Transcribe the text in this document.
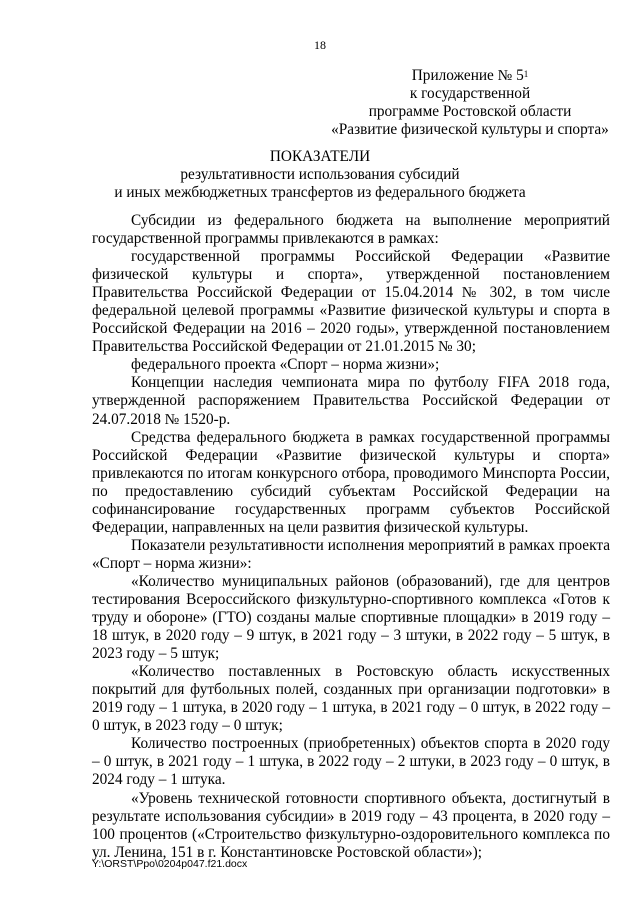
18
Приложение № $5^1$
к государственной
программе Ростовской области
«Развитие физической культуры и спорта»
ПОКАЗАТЕЛИ
результативности использования субсидий
и иных межбюджетных трансфертов из федерального бюджета

Субсидии из федерального бюджета на выполнение мероприятий государственной программы привлекаются в рамках:

государственной программы Российской Федерации «Развитие физической культуры и спорта», утвержденной постановлением Правительства Российской Федерации от 15.04.2014 № 302, в том числе федеральной целевой программы «Развитие физической культуры и спорта в Российской Федерации на 2016 – 2020 годы», утвержденной постановлением Правительства Российской Федерации от 21.01.2015 № 30;

федерального проекта «Спорт – норма жизни»;

Концепции наследия чемпионата мира по футболу FIFA 2018 года, утвержденной распоряжением Правительства Российской Федерации от 24.07.2018 № 1520-р.

Средства федерального бюджета в рамках государственной программы Российской Федерации «Развитие физической культуры и спорта» привлекаются по итогам конкурсного отбора, проводимого Минспорта России, по предоставлению субсидий субъектам Российской Федерации на софинансирование государственных программ субъектов Российской Федерации, направленных на цели развития физической культуры.

Показатели результативности исполнения мероприятий в рамках проекта «Спорт – норма жизни»:

«Количество муниципальных районов (образований), где для центров тестирования Всероссийского физкультурно-спортивного комплекса «Готов к труду и обороне» (ГТО) созданы малые спортивные площадки» в 2019 году – 18 штук, в 2020 году – 9 штук, в 2021 году – 3 штуки, в 2022 году – 5 штук, в 2023 году – 5 штук;

«Количество поставленных в Ростовскую область искусственных покрытий для футбольных полей, созданных при организации подготовки» в 2019 году – 1 штука, в 2020 году – 1 штука, в 2021 году – 0 штук, в 2022 году – 0 штук, в 2023 году – 0 штук;

Количество построенных (приобретенных) объектов спорта в 2020 году – 0 штук, в 2021 году – 1 штука, в 2022 году – 2 штуки, в 2023 году – 0 штук, в 2024 году – 1 штука.

«Уровень технической готовности спортивного объекта, достигнутый в результате использования субсидии» в 2019 году – 43 процента, в 2020 году – 100 процентов («Строительство физкультурно-оздоровительного комплекса по ул. Ленина, 151 в г. Константиновске Ростовской области»);

Y:\ORST\Ppo\0204p047.f21.docx
